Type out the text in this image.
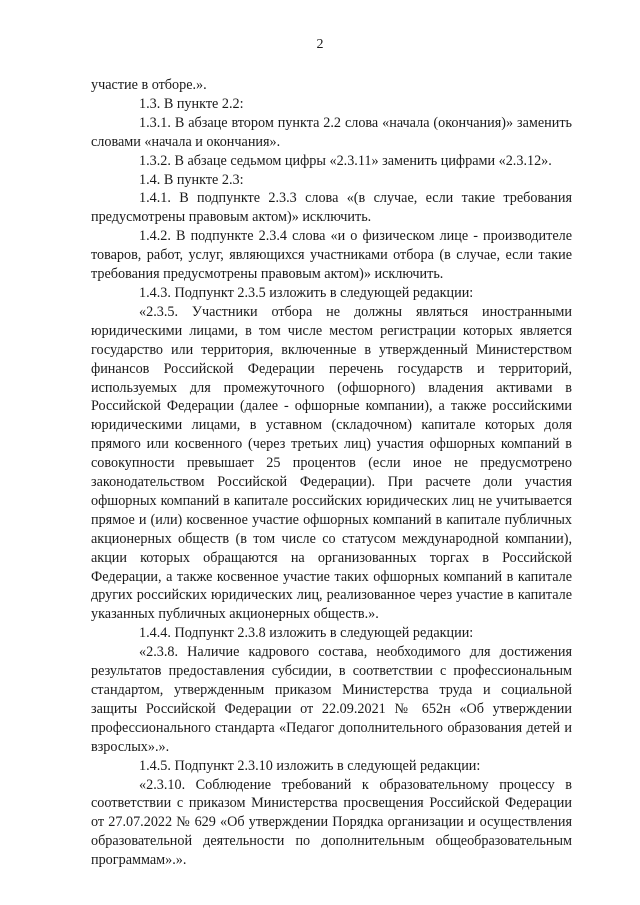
2

участие в отборе.».

1.3. В пункте 2.2:

1.3.1. В абзаце втором пункта 2.2 слова «начала (окончания)» заменить словами «начала и окончания».

1.3.2. В абзаце седьмом цифры «2.3.11» заменить цифрами «2.3.12».

1.4. В пункте 2.3:

1.4.1. В подпункте 2.3.3 слова «(в случае, если такие требования предусмотрены правовым актом)» исключить.

1.4.2. В подпункте 2.3.4 слова «и о физическом лице - производителе товаров, работ, услуг, являющихся участниками отбора (в случае, если такие требования предусмотрены правовым актом)» исключить.

1.4.3. Подпункт 2.3.5 изложить в следующей редакции:

«2.3.5. Участники отбора не должны являться иностранными юридическими лицами, в том числе местом регистрации которых является государство или территория, включенные в утвержденный Министерством финансов Российской Федерации перечень государств и территорий, используемых для промежуточного (офшорного) владения активами в Российской Федерации (далее - офшорные компании), а также российскими юридическими лицами, в уставном (складочном) капитале которых доля прямого или косвенного (через третьих лиц) участия офшорных компаний в совокупности превышает 25 процентов (если иное не предусмотрено законодательством Российской Федерации). При расчете доли участия офшорных компаний в капитале российских юридических лиц не учитывается прямое и (или) косвенное участие офшорных компаний в капитале публичных акционерных обществ (в том числе со статусом международной компании), акции которых обращаются на организованных торгах в Российской Федерации, а также косвенное участие таких офшорных компаний в капитале других российских юридических лиц, реализованное через участие в капитале указанных публичных акционерных обществ.».

1.4.4. Подпункт 2.3.8 изложить в следующей редакции:

«2.3.8. Наличие кадрового состава, необходимого для достижения результатов предоставления субсидии, в соответствии с профессиональным стандартом, утвержденным приказом Министерства труда и социальной защиты Российской Федерации от 22.09.2021 № 652н «Об утверждении профессионального стандарта «Педагог дополнительного образования детей и взрослых».».

1.4.5. Подпункт 2.3.10 изложить в следующей редакции:

«2.3.10. Соблюдение требований к образовательному процессу в соответствии с приказом Министерства просвещения Российской Федерации от 27.07.2022 № 629 «Об утверждении Порядка организации и осуществления образовательной деятельности по дополнительным общеобразовательным программам».».
